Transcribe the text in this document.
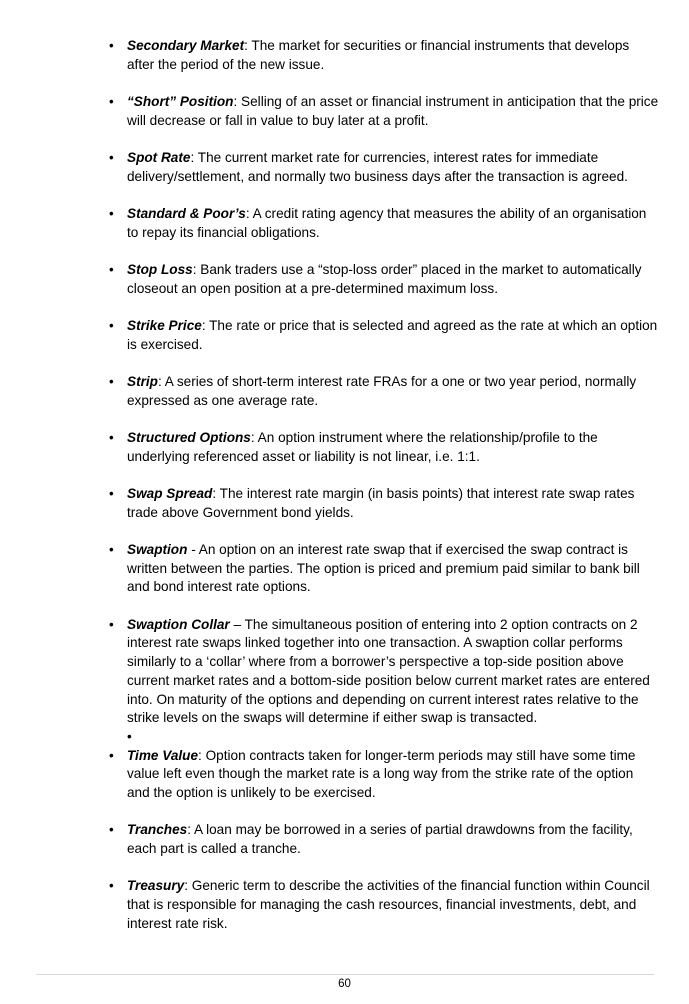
• Secondary Market: The market for securities or financial instruments that develops after the period of the new issue.
• “Short” Position: Selling of an asset or financial instrument in anticipation that the price will decrease or fall in value to buy later at a profit.
• Spot Rate: The current market rate for currencies, interest rates for immediate delivery/settlement, and normally two business days after the transaction is agreed.
• Standard & Poor’s: A credit rating agency that measures the ability of an organisation to repay its financial obligations.
• Stop Loss: Bank traders use a “stop-loss order” placed in the market to automatically closeout an open position at a pre-determined maximum loss.
• Strike Price: The rate or price that is selected and agreed as the rate at which an option is exercised.
• Strip: A series of short-term interest rate FRAs for a one or two year period, normally expressed as one average rate.
• Structured Options: An option instrument where the relationship/profile to the underlying referenced asset or liability is not linear, i.e. 1:1.
• Swap Spread: The interest rate margin (in basis points) that interest rate swap rates trade above Government bond yields.
• Swaption - An option on an interest rate swap that if exercised the swap contract is written between the parties. The option is priced and premium paid similar to bank bill and bond interest rate options.
• Swaption Collar – The simultaneous position of entering into 2 option contracts on 2 interest rate swaps linked together into one transaction. A swaption collar performs similarly to a ‘collar’ where from a borrower’s perspective a top-side position above current market rates and a bottom-side position below current market rates are entered into. On maturity of the options and depending on current interest rates relative to the strike levels on the swaps will determine if either swap is transacted.
•
• Time Value: Option contracts taken for longer-term periods may still have some time value left even though the market rate is a long way from the strike rate of the option and the option is unlikely to be exercised.
• Tranches: A loan may be borrowed in a series of partial drawdowns from the facility, each part is called a tranche.
• Treasury: Generic term to describe the activities of the financial function within Council that is responsible for managing the cash resources, financial investments, debt, and interest rate risk.
60
